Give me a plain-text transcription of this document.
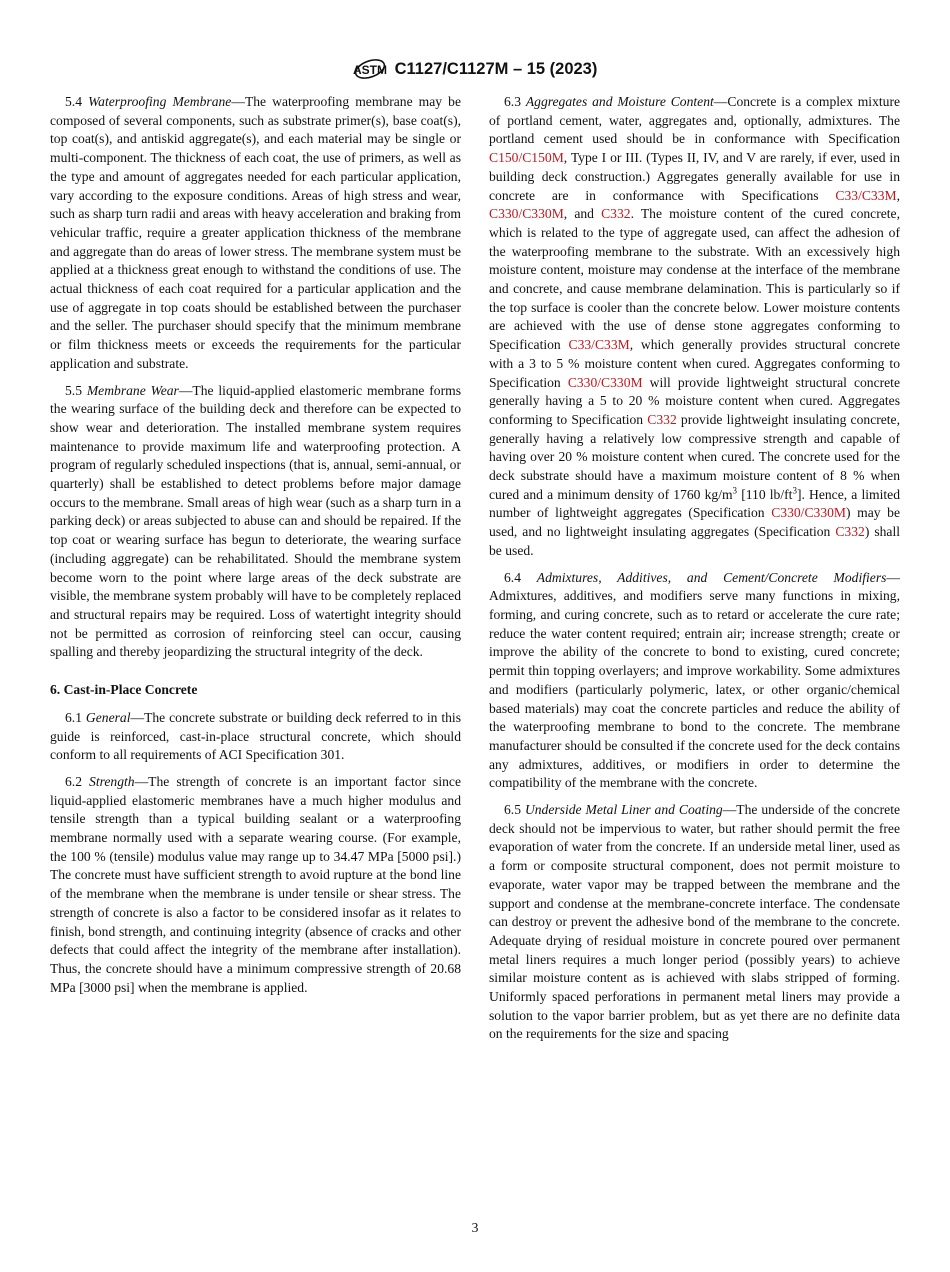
ASTM C1127/C1127M – 15 (2023)

5.4 Waterproofing Membrane—The waterproofing membrane may be composed of several components, such as substrate primer(s), base coat(s), top coat(s), and antiskid aggregate(s), and each material may be single or multi-component. The thickness of each coat, the use of primers, as well as the type and amount of aggregates needed for each particular application, vary according to the exposure conditions. Areas of high stress and wear, such as sharp turn radii and areas with heavy acceleration and braking from vehicular traffic, require a greater application thickness of the membrane and aggregate than do areas of lower stress. The membrane system must be applied at a thickness great enough to withstand the conditions of use. The actual thickness of each coat required for a particular application and the use of aggregate in top coats should be established between the purchaser and the seller. The purchaser should specify that the minimum membrane or film thickness meets or exceeds the requirements for the particular application and substrate.

5.5 Membrane Wear—The liquid-applied elastomeric membrane forms the wearing surface of the building deck and therefore can be expected to show wear and deterioration. The installed membrane system requires maintenance to provide maximum life and waterproofing protection. A program of regularly scheduled inspections (that is, annual, semi-annual, or quarterly) shall be established to detect problems before major damage occurs to the membrane. Small areas of high wear (such as a sharp turn in a parking deck) or areas subjected to abuse can and should be repaired. If the top coat or wearing surface has begun to deteriorate, the wearing surface (including aggregate) can be rehabilitated. Should the membrane system become worn to the point where large areas of the deck substrate are visible, the membrane system probably will have to be completely replaced and structural repairs may be required. Loss of watertight integrity should not be permitted as corrosion of reinforcing steel can occur, causing spalling and thereby jeopardizing the structural integrity of the deck.

6. Cast-in-Place Concrete

6.1 General—The concrete substrate or building deck referred to in this guide is reinforced, cast-in-place structural concrete, which should conform to all requirements of ACI Specification 301.

6.2 Strength—The strength of concrete is an important factor since liquid-applied elastomeric membranes have a much higher modulus and tensile strength than a typical building sealant or a waterproofing membrane normally used with a separate wearing course. (For example, the 100 % (tensile) modulus value may range up to 34.47 MPa [5000 psi].) The concrete must have sufficient strength to avoid rupture at the bond line of the membrane when the membrane is under tensile or shear stress. The strength of concrete is also a factor to be considered insofar as it relates to finish, bond strength, and continuing integrity (absence of cracks and other defects that could affect the integrity of the membrane after installation). Thus, the concrete should have a minimum compressive strength of 20.68 MPa [3000 psi] when the membrane is applied.

6.3 Aggregates and Moisture Content—Concrete is a complex mixture of portland cement, water, aggregates and, optionally, admixtures. The portland cement used should be in conformance with Specification C150/C150M, Type I or III. (Types II, IV, and V are rarely, if ever, used in building deck construction.) Aggregates generally available for use in concrete are in conformance with Specifications C33/C33M, C330/C330M, and C332. The moisture content of the cured concrete, which is related to the type of aggregate used, can affect the adhesion of the waterproofing membrane to the substrate. With an excessively high moisture content, moisture may condense at the interface of the membrane and concrete, and cause membrane delamination. This is particularly so if the top surface is cooler than the concrete below. Lower moisture contents are achieved with the use of dense stone aggregates conforming to Specification C33/C33M, which generally provides structural concrete with a 3 to 5 % moisture content when cured. Aggregates conforming to Specification C330/C330M will provide lightweight structural concrete generally having a 5 to 20 % moisture content when cured. Aggregates conforming to Specification C332 provide lightweight insulating concrete, generally having a relatively low compressive strength and capable of having over 20 % moisture content when cured. The concrete used for the deck substrate should have a maximum moisture content of 8 % when cured and a minimum density of 1760 $kg/m^3$ [110 $lb/ft^3$]. Hence, a limited number of lightweight aggregates (Specification C330/C330M) may be used, and no lightweight insulating aggregates (Specification C332) shall be used.

6.4 Admixtures, Additives, and Cement/Concrete Modifiers—Admixtures, additives, and modifiers serve many functions in mixing, forming, and curing concrete, such as to retard or accelerate the cure rate; reduce the water content required; entrain air; increase strength; create or improve the ability of the concrete to bond to existing, cured concrete; permit thin topping overlayers; and improve workability. Some admixtures and modifiers (particularly polymeric, latex, or other organic/chemical based materials) may coat the concrete particles and reduce the ability of the waterproofing membrane to bond to the concrete. The membrane manufacturer should be consulted if the concrete used for the deck contains any admixtures, additives, or modifiers in order to determine the compatibility of the membrane with the concrete.

6.5 Underside Metal Liner and Coating—The underside of the concrete deck should not be impervious to water, but rather should permit the free evaporation of water from the concrete. If an underside metal liner, used as a form or composite structural component, does not permit moisture to evaporate, water vapor may be trapped between the membrane and the support and condense at the membrane-concrete interface. The condensate can destroy or prevent the adhesive bond of the membrane to the concrete. Adequate drying of residual moisture in concrete poured over permanent metal liners requires a much longer period (possibly years) to achieve similar moisture content as is achieved with slabs stripped of forming. Uniformly spaced perforations in permanent metal liners may provide a solution to the vapor barrier problem, but as yet there are no definite data on the requirements for the size and spacing

3
